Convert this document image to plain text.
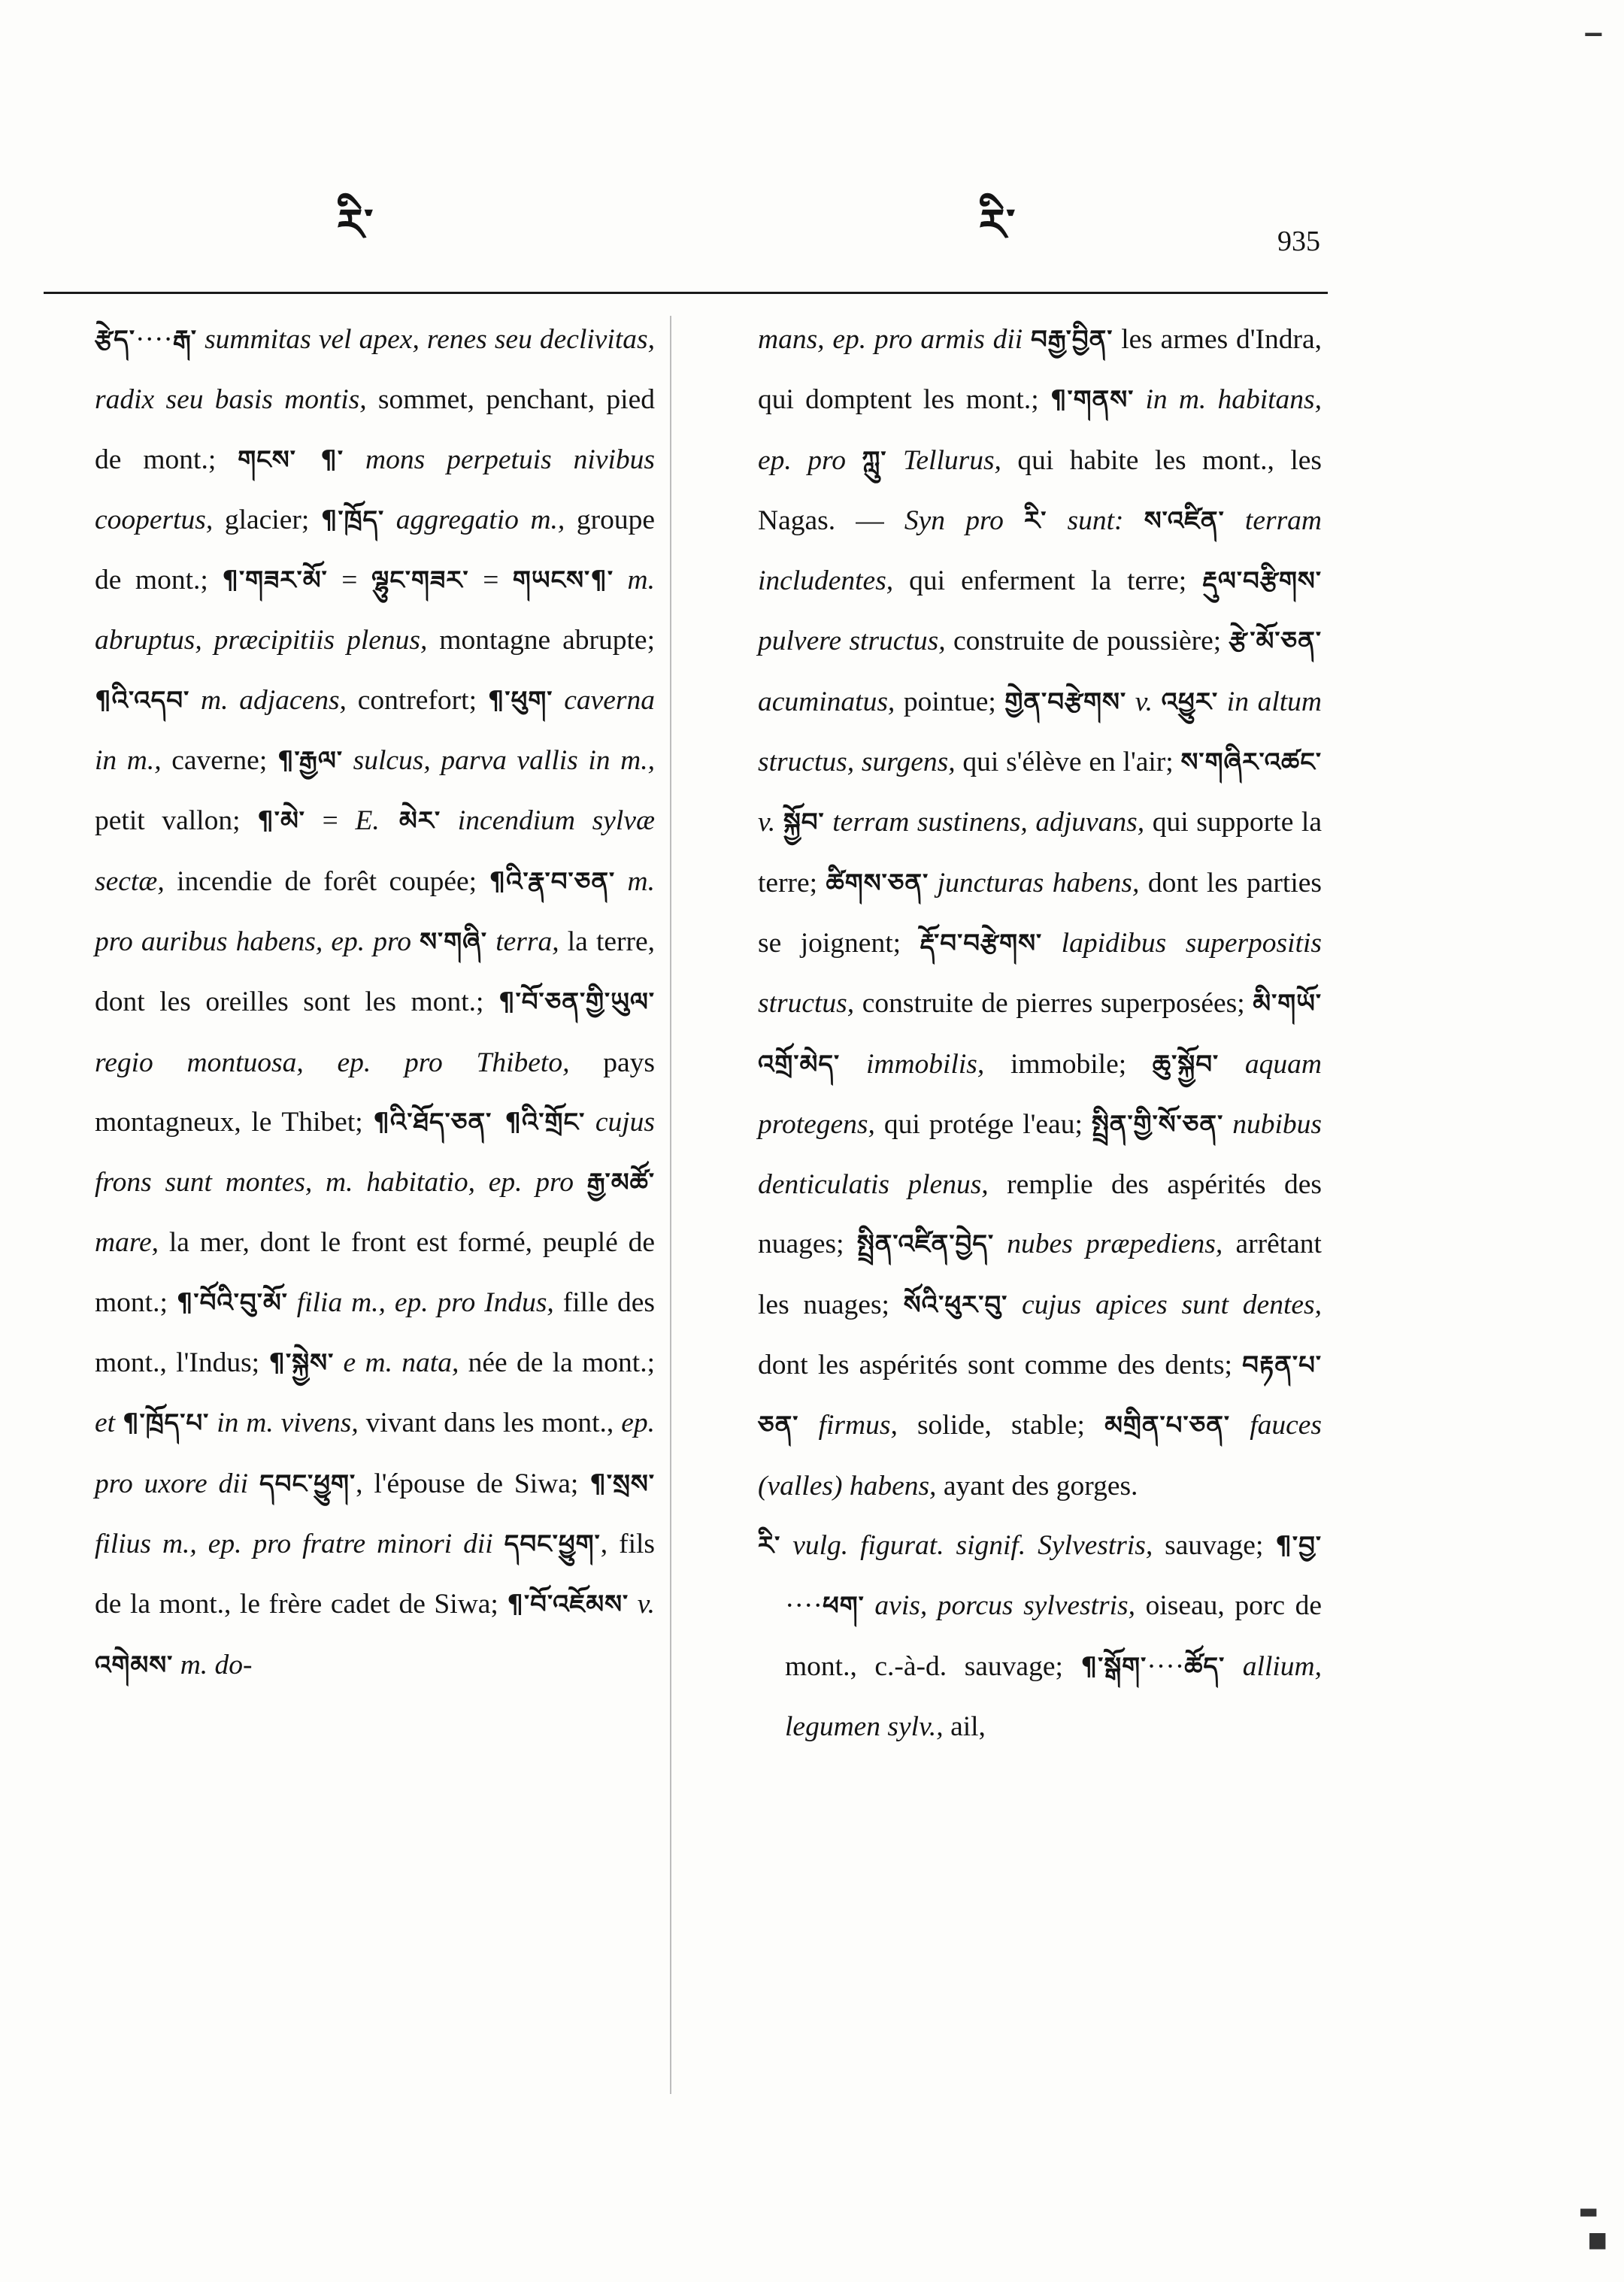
རི་	རི་	935

རྩེད་····རྒ་ summitas vel apex, renes seu declivitas, radix seu basis montis, sommet, penchant, pied de mont.; གངས་ ¶་ mons perpetuis nivibus coopertus, glacier; ¶་ཁྲོད་ aggregatio m., groupe de mont.; ¶་གཟར་མོ་ = ལྷུང་གཟར་ = གཡངས་¶་ m. abruptus, præcipitiis plenus, montagne abrupte; ¶འི་འདབ་ m. adjacens, contrefort; ¶་ཕུག་ caverna in m., caverne; ¶་རྒྱལ་ sulcus, parva vallis in m., petit vallon; ¶་མེ་ = E. མེར་ incendium sylvæ sectæ, incendie de forêt coupée; ¶འི་རྣ་བ་ཅན་ m. pro auribus habens, ep. pro ས་གཞི་ terra, la terre, dont les oreilles sont les mont.; ¶་བོ་ཅན་གྱི་ཡུལ་ regio montuosa, ep. pro Thibeto, pays montagneux, le Thibet; ¶འི་ཐོད་ཅན་ ¶འི་གྲོང་ cujus frons sunt montes, m. habitatio, ep. pro རྒྱ་མཚོ་ mare, la mer, dont le front est formé, peuplé de mont.; ¶་བོའི་བུ་མོ་ filia m., ep. pro Indus, fille des mont., l'Indus; ¶་སྐྱེས་ e m. nata, née de la mont.; et ¶་ཁྲོད་པ་ in m. vivens, vivant dans les mont., ep. pro uxore dii དབང་ཕྱུག་, l'épouse de Siwa; ¶་སྲས་ filius m., ep. pro fratre minori dii དབང་ཕྱུག་, fils de la mont., le frère cadet de Siwa; ¶་བོ་འཇོམས་ v. འགེམས་ m. do-

mans, ep. pro armis dii བརྒྱ་བྱིན་ les armes d'Indra, qui domptent les mont.; ¶་གནས་ in m. habitans, ep. pro ཀླུ་ Tellurus, qui habite les mont., les Nagas. — Syn pro རི་ sunt: ས་འཛིན་ terram includentes, qui enferment la terre; རྡུལ་བརྩིགས་ pulvere structus, construite de poussière; རྩེ་མོ་ཅན་ acuminatus, pointue; གྱེན་བརྩེགས་ v. འཕྱུར་ in altum structus, surgens, qui s'élève en l'air; ས་གཞིར་འཚང་ v. སྐྱོབ་ terram sustinens, adjuvans, qui supporte la terre; ཚིགས་ཅན་ juncturas habens, dont les parties se joignent; རྡོ་བ་བརྩེགས་ lapidibus superpositis structus, construite de pierres superposées; མི་གཡོ་ འགྲོ་མེད་ immobilis, immobile; ཆུ་སྐྱོབ་ aquam protegens, qui protége l'eau; སྤྲིན་གྱི་སོ་ཅན་ nubibus denticulatis plenus, remplie des aspérités des nuages; སྤྲིན་འཛིན་བྱེད་ nubes præpediens, arrêtant les nuages; སོའི་ཕུར་བུ་ cujus apices sunt dentes, dont les aspérités sont comme des dents; བརྟན་པ་ཅན་ firmus, solide, stable; མགྲིན་པ་ཅན་ fauces (valles) habens, ayant des gorges.

རི་ vulg. figurat. signif. Sylvestris, sauvage; ¶་བྱ་····ཕག་ avis, porcus sylvestris, oiseau, porc de mont., c.-à-d. sauvage; ¶་སྒོག་····ཚོད་ allium, legumen sylv., ail,

▔
▬
■
